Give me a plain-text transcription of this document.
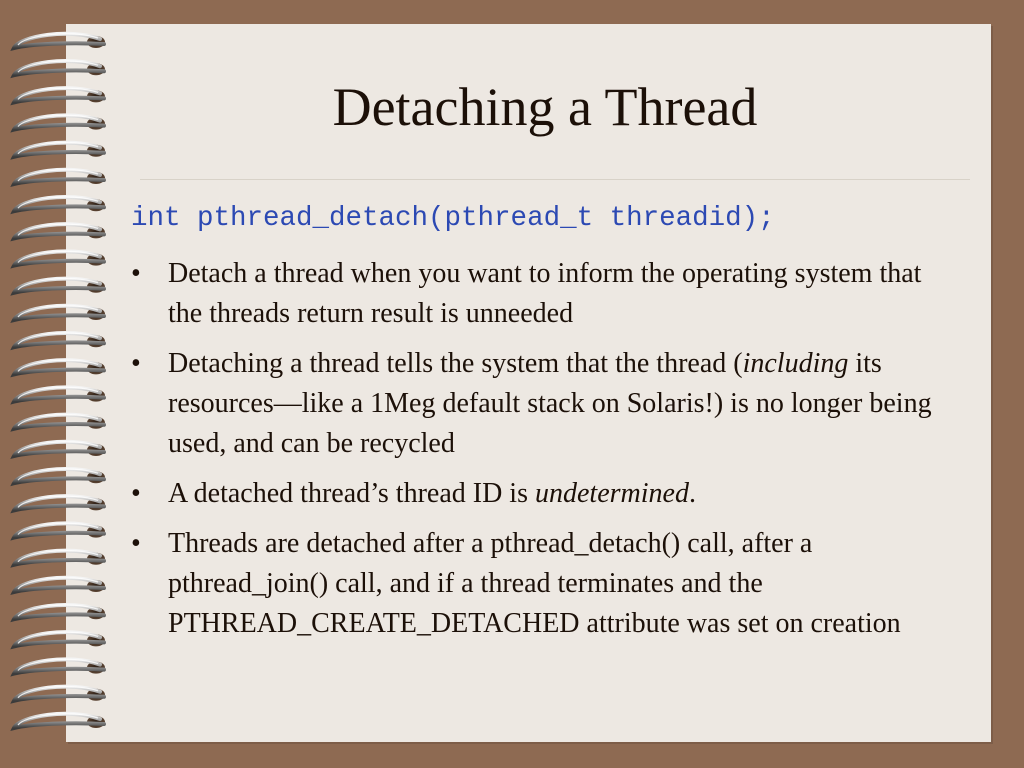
Detaching a Thread
int pthread_detach(pthread_t threadid);
• Detach a thread when you want to inform the operating system that the threads return result is unneeded
• Detaching a thread tells the system that the thread (including its resources—like a 1Meg default stack on Solaris!) is no longer being used, and can be recycled
• A detached thread’s thread ID is undetermined.
• Threads are detached after a pthread_detach() call, after a pthread_join() call, and if a thread terminates and the PTHREAD_CREATE_DETACHED attribute was set on creation
